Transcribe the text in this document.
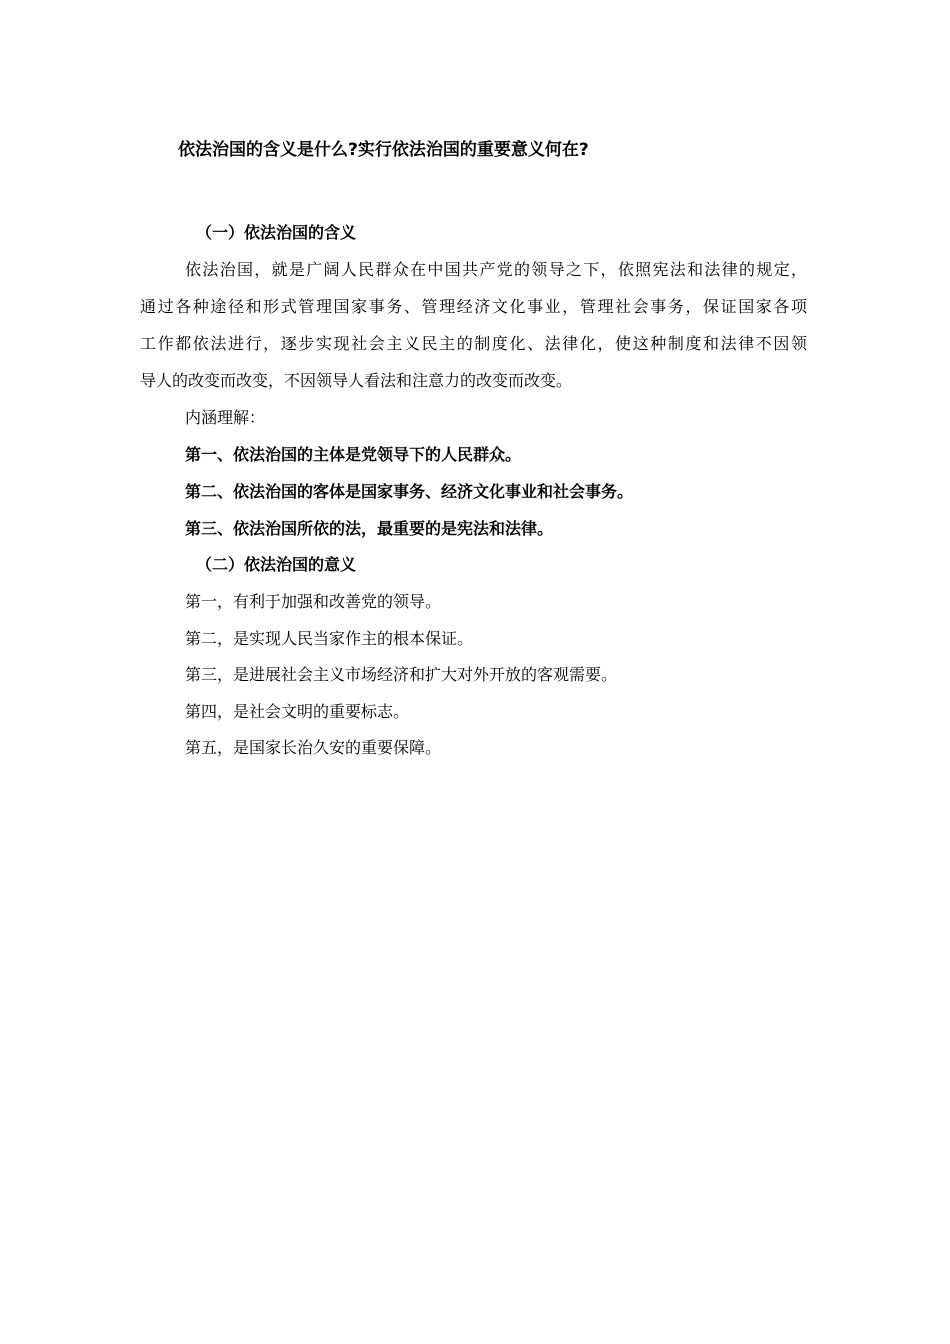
依法治国的含义是什么?实行依法治国的重要意义何在?
（一）依法治国的含义
依法治国，就是广阔人民群众在中国共产党的领导之下，依照宪法和法律的规定，
通过各种途径和形式管理国家事务、管理经济文化事业，管理社会事务，保证国家各项
工作都依法进行，逐步实现社会主义民主的制度化、法律化，使这种制度和法律不因领
导人的改变而改变，不因领导人看法和注意力的改变而改变。
内涵理解：
第一、依法治国的主体是党领导下的人民群众。
第二、依法治国的客体是国家事务、经济文化事业和社会事务。
第三、依法治国所依的法，最重要的是宪法和法律。
（二）依法治国的意义
第一，有利于加强和改善党的领导。
第二，是实现人民当家作主的根本保证。
第三，是进展社会主义市场经济和扩大对外开放的客观需要。
第四，是社会文明的重要标志。
第五，是国家长治久安的重要保障。
